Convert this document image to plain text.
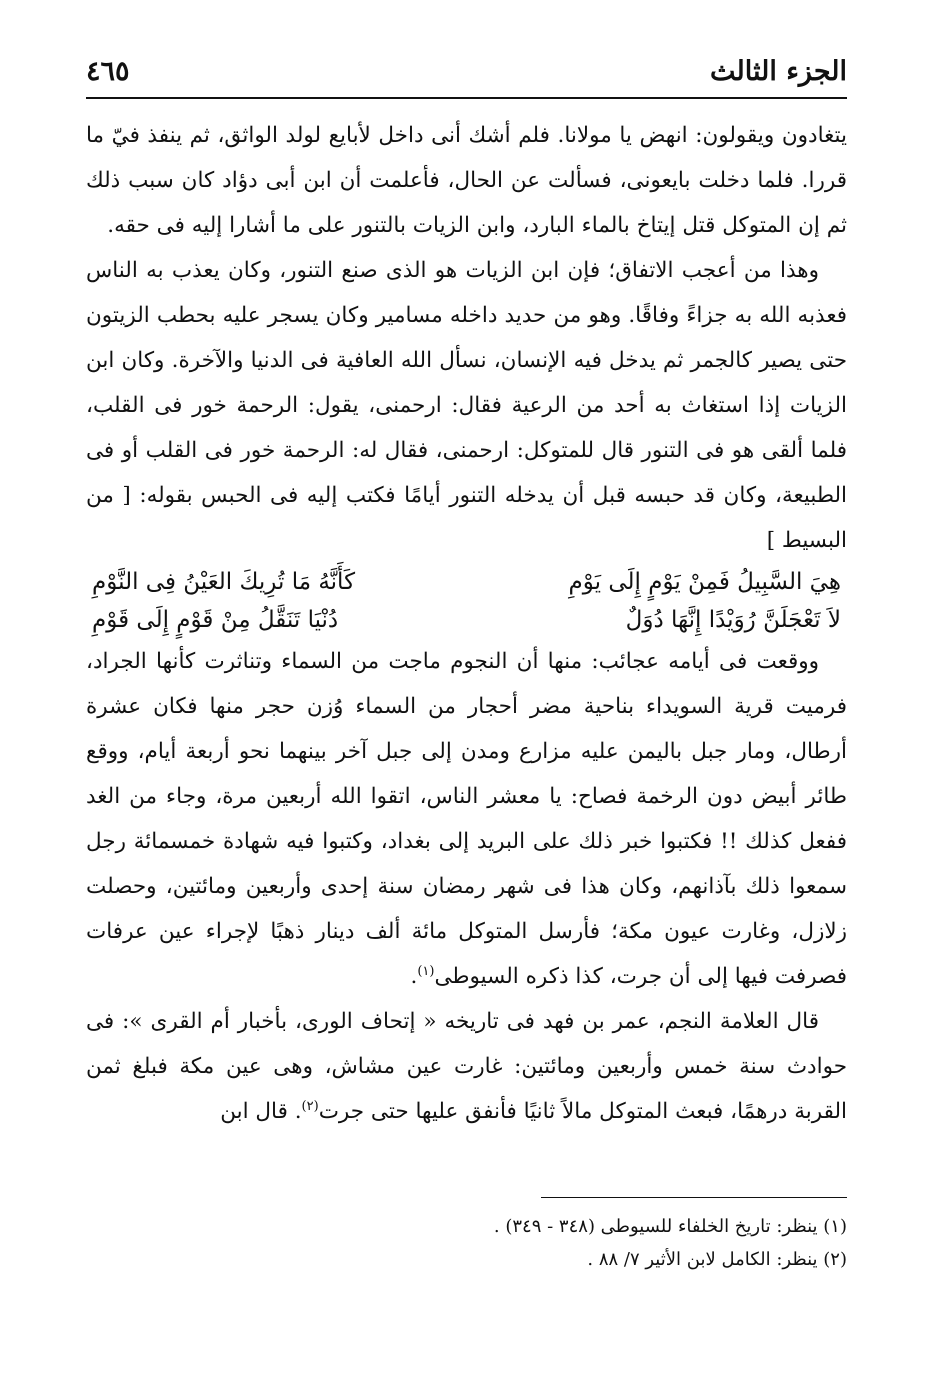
الجزء الثالث
٤٦٥

يتغادون ويقولون: انهض يا مولانا. فلم أشك أنى داخل لأبايع لولد الواثق، ثم ينفذ فيّ ما قررا. فلما دخلت بايعونى، فسألت عن الحال، فأعلمت أن ابن أبى دؤاد كان سبب ذلك ثم إن المتوكل قتل إيتاخ بالماء البارد، وابن الزيات بالتنور على ما أشارا إليه فى حقه.

وهذا من أعجب الاتفاق؛ فإن ابن الزيات هو الذى صنع التنور، وكان يعذب به الناس فعذبه الله به جزاءً وفاقًا. وهو من حديد داخله مسامير وكان يسجر عليه بحطب الزيتون حتى يصير كالجمر ثم يدخل فيه الإنسان، نسأل الله العافية فى الدنيا والآخرة. وكان ابن الزيات إذا استغاث به أحد من الرعية فقال: ارحمنى، يقول: الرحمة خور فى القلب، فلما ألقى هو فى التنور قال للمتوكل: ارحمنى، فقال له: الرحمة خور فى القلب أو فى الطبيعة، وكان قد حبسه قبل أن يدخله التنور أيامًا فكتب إليه فى الحبس بقوله: [ من البسيط ]

هِيَ السَّبِيلُ فَمِنْ يَوْمٍ إِلَى يَوْمِ
كَأَنَّهُ مَا تُرِيكَ العَيْنُ فِى النَّوْمِ
لاَ تَعْجَلَنَّ رُوَيْدًا إِنَّهَا دُوَلٌ
دُنْيَا تَنَقَّلُ مِنْ قَوْمٍ إِلَى قَوْمِ

ووقعت فى أيامه عجائب: منها أن النجوم ماجت من السماء وتناثرت كأنها الجراد، فرميت قرية السويداء بناحية مضر أحجار من السماء وُزن حجر منها فكان عشرة أرطال، ومار جبل باليمن عليه مزارع ومدن إلى جبل آخر بينهما نحو أربعة أيام، ووقع طائر أبيض دون الرخمة فصاح: يا معشر الناس، اتقوا الله أربعين مرة، وجاء من الغد ففعل كذلك !! فكتبوا خبر ذلك على البريد إلى بغداد، وكتبوا فيه شهادة خمسمائة رجل سمعوا ذلك بآذانهم، وكان هذا فى شهر رمضان سنة إحدى وأربعين ومائتين، وحصلت زلازل، وغارت عيون مكة؛ فأرسل المتوكل مائة ألف دينار ذهبًا لإجراء عين عرفات فصرفت فيها إلى أن جرت، كذا ذكره السيوطى$^{(١)}$.

قال العلامة النجم، عمر بن فهد فى تاريخه « إتحاف الورى، بأخبار أم القرى »: فى حوادث سنة خمس وأربعين ومائتين: غارت عين مشاش، وهى عين مكة فبلغ ثمن القربة درهمًا، فبعث المتوكل مالاً ثانيًا فأنفق عليها حتى جرت$^{(٢)}$. قال ابن

(١) ينظر: تاريخ الخلفاء للسيوطى (٣٤٨ - ٣٤٩) .
(٢) ينظر: الكامل لابن الأثير ٧/ ٨٨ .
